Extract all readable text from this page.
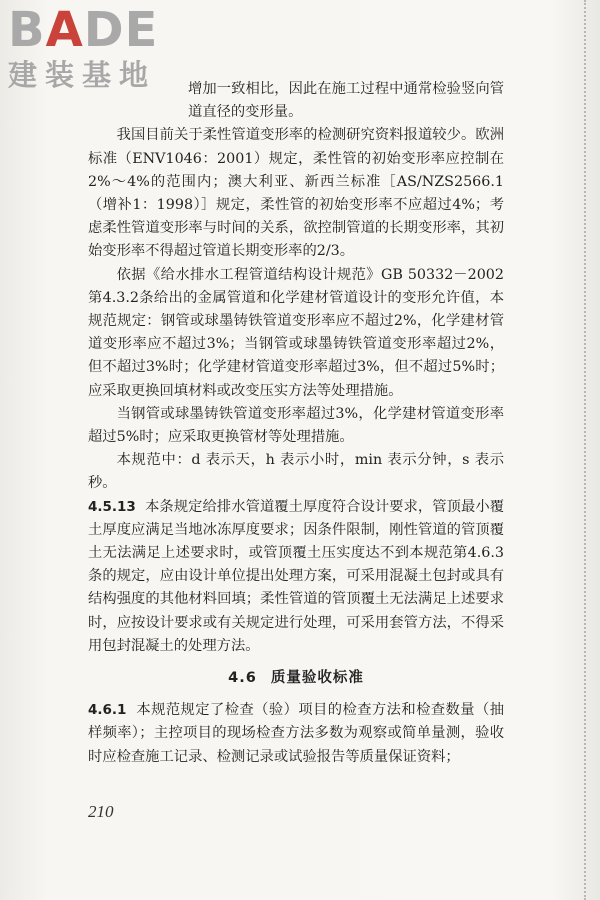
BADE
建装基地	增加一致相比，因此在施工过程中通常检验竖向管道直径的变形量。

我国目前关于柔性管道变形率的检测研究资料报道较少。欧洲标准（ENV1046：2001）规定，柔性管的初始变形率应控制在2%～4%的范围内；澳大利亚、新西兰标准［AS/NZS2566.1（增补1：1998）］规定，柔性管的初始变形率不应超过4%；考虑柔性管道变形率与时间的关系，欲控制管道的长期变形率，其初始变形率不得超过管道长期变形率的2/3。

依据《给水排水工程管道结构设计规范》GB 50332－2002第4.3.2条给出的金属管道和化学建材管道设计的变形允许值，本规范规定：钢管或球墨铸铁管道变形率应不超过2%，化学建材管道变形率应不超过3%；当钢管或球墨铸铁管道变形率超过2%，但不超过3%时；化学建材管道变形率超过3%，但不超过5%时；应采取更换回填材料或改变压实方法等处理措施。

当钢管或球墨铸铁管道变形率超过3%，化学建材管道变形率超过5%时；应采取更换管材等处理措施。

本规范中：d 表示天，h 表示小时，min 表示分钟，s 表示秒。

4.5.13 本条规定给排水管道覆土厚度符合设计要求，管顶最小覆土厚度应满足当地冰冻厚度要求；因条件限制，刚性管道的管顶覆土无法满足上述要求时，或管顶覆土压实度达不到本规范第4.6.3条的规定，应由设计单位提出处理方案，可采用混凝土包封或具有结构强度的其他材料回填；柔性管道的管顶覆土无法满足上述要求时，应按设计要求或有关规定进行处理，可采用套管方法，不得采用包封混凝土的处理方法。

4.6 质量验收标准

4.6.1 本规范规定了检查（验）项目的检查方法和检查数量（抽样频率）；主控项目的现场检查方法多数为观察或简单量测，验收时应检查施工记录、检测记录或试验报告等质量保证资料；

210
